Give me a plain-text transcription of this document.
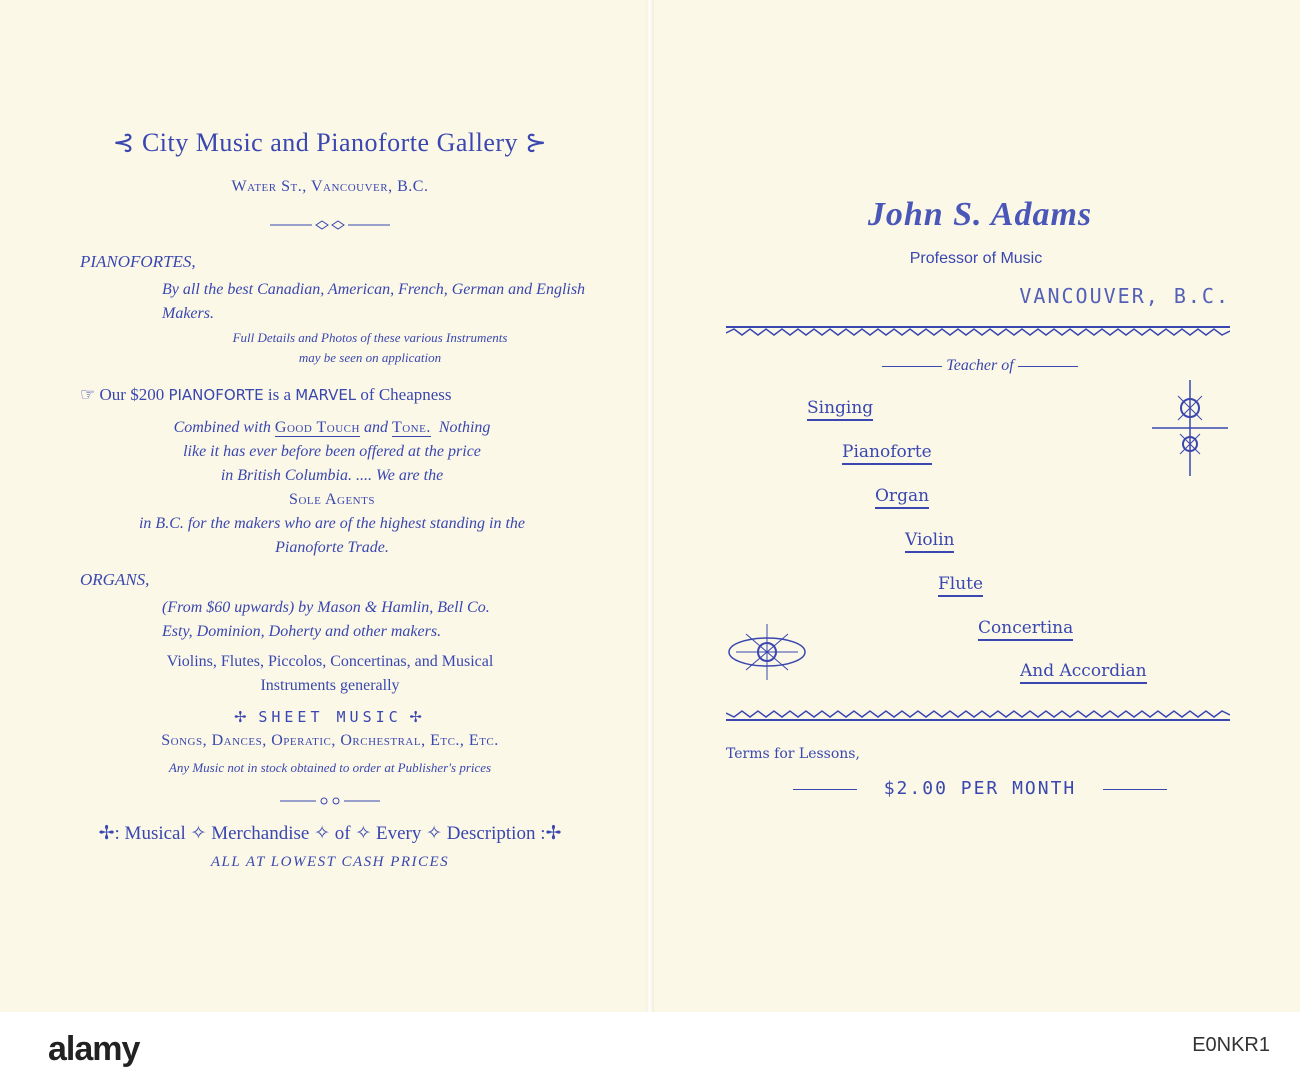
⊰ City Music and Pianoforte Gallery ⊱
Water St., Vancouver, B.C.
PIANOFORTES,
By all the best Canadian, American, French, German and English Makers.
Full Details and Photos of these various Instruments
may be seen on application
☞ Our $200 PIANOFORTE is a MARVEL of Cheapness
Combined with Good Touch and Tone. Nothing
like it has ever before been offered at the price
in British Columbia. .... We are the
Sole Agents
in B.C. for the makers who are of the highest standing in the
Pianoforte Trade.
ORGANS,
(From $60 upwards) by Mason & Hamlin, Bell Co.
Esty, Dominion, Doherty and other makers.
Violins, Flutes, Piccolos, Concertinas, and Musical
Instruments generally
✢ SHEET MUSIC ✢
Songs, Dances, Operatic, Orchestral, Etc., Etc.
Any Music not in stock obtained to order at Publisher's prices
✢: Musical ✧ Merchandise ✧ of ✧ Every ✧ Description :✢
ALL AT LOWEST CASH PRICES
John S. Adams
Professor of Music
VANCOUVER, B.C.
Teacher of
Singing
Pianoforte
Organ
Violin
Flute
Concertina
And Accordian
Terms for Lessons,
$2.00 PER MONTH
alamy	E0NKR1
